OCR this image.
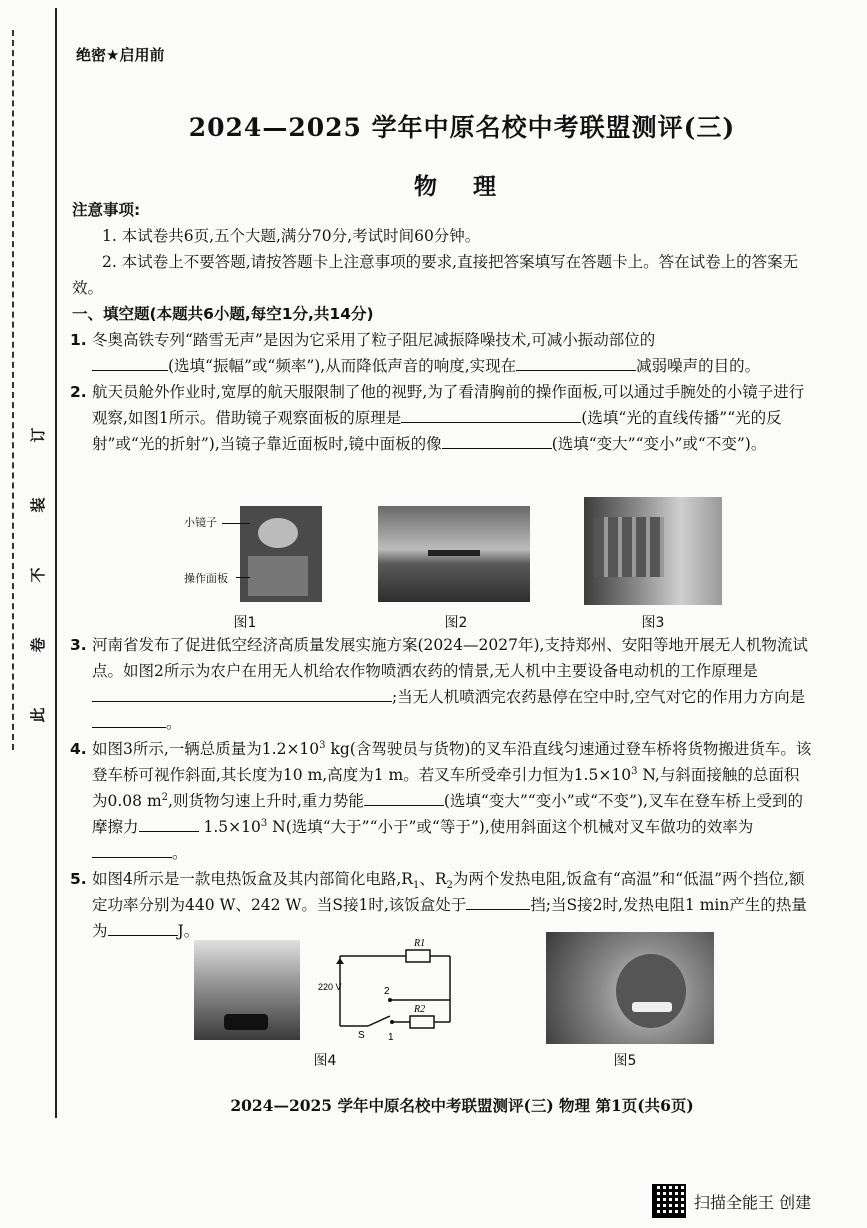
订
装
不
卷
此
绝密★启用前
2024—2025 学年中原名校中考联盟测评(三)
物 理
注意事项:
1. 本试卷共6页,五个大题,满分70分,考试时间60分钟。
2. 本试卷上不要答题,请按答题卡上注意事项的要求,直接把答案填写在答题卡上。答在试卷上的答案无效。
一、填空题(本题共6小题,每空1分,共14分)
1. 冬奥高铁专列“踏雪无声”是因为它采用了粒子阻尼减振降噪技术,可减小振动部位的
(选填“振幅”或“频率”),从而降低声音的响度,实现在	减弱噪声的目的。
2. 航天员舱外作业时,宽厚的航天服限制了他的视野,为了看清胸前的操作面板,可以通过手腕处的小镜子进行观察,如图1所示。借助镜子观察面板的原理是	(选填“光的直线传播”“光的反射”或“光的折射”),当镜子靠近面板时,镜中面板的像	(选填“变大”“变小”或“不变”)。
小镜子
操作面板
图1	图2	图3
3. 河南省发布了促进低空经济高质量发展实施方案(2024—2027年),支持郑州、安阳等地开展无人机物流试点。如图2所示为农户在用无人机给农作物喷洒农药的情景,无人机中主要设备电动机的工作原理是;当无人机喷洒完农药悬停在空中时,空气对它的作用力方向是。
4. 如图3所示,一辆总质量为$1.2\times 10^3$ kg(含驾驶员与货物)的叉车沿直线匀速通过登车桥将货物搬进货车。该登车桥可视作斜面,其长度为10 m,高度为1 m。若叉车所受牵引力恒为$1.5\times 10^3$ N,与斜面接触的总面积为0.08 $m^2$,则货物匀速上升时,重力势能	(选填“变大”“变小”或“不变”),叉车在登车桥上受到的摩擦力	$1.5\times 10^3$ N(选填“大于”“小于”或“等于”),使用斜面这个机械对叉车做功的效率为。
5. 如图4所示是一款电热饭盒及其内部简化电路$,R_1$、$R_2$为两个发热电阻,饭盒有“高温”和“低温”两个挡位,额定功率分别为440 W、242 W。当S接1时,该饭盒处于	挡;当S接2时,发热电阻1 min产生的热量为	J。
220 V
R1
R2
2
1
S
图4	图5
2024—2025 学年中原名校中考联盟测评(三) 物理 第1页(共6页)
扫描全能王 创建
